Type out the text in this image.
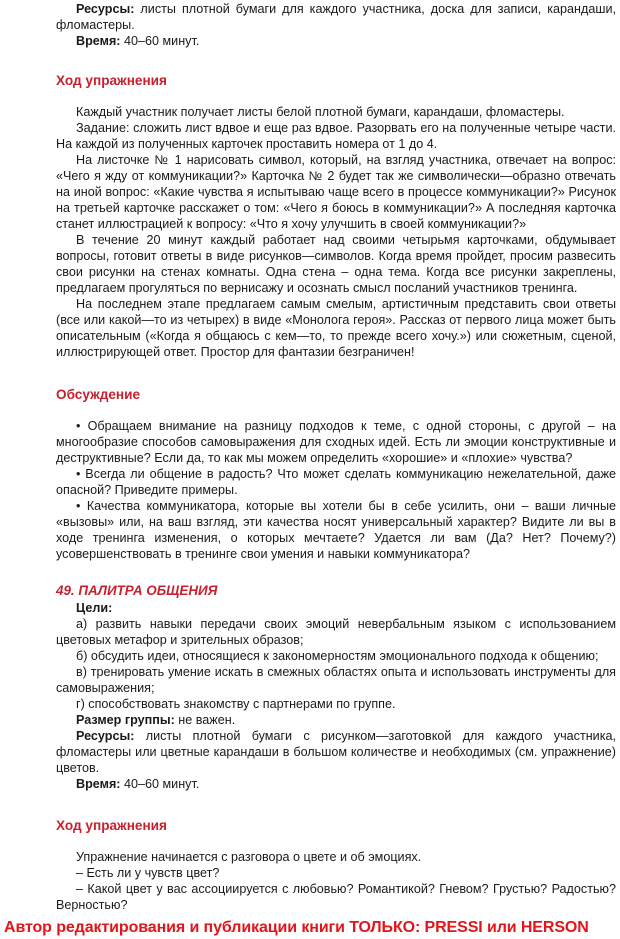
Ресурсы: листы плотной бумаги для каждого участника, доска для записи, карандаши, фломастеры.

Время: 40–60 минут.

Ход упражнения

Каждый участник получает листы белой плотной бумаги, карандаши, фломастеры.

Задание: сложить лист вдвое и еще раз вдвое. Разорвать его на полученные четыре части. На каждой из полученных карточек проставить номера от 1 до 4.

На листочке № 1 нарисовать символ, который, на взгляд участника, отвечает на вопрос: «Чего я жду от коммуникации?» Карточка № 2 будет так же символически—образно отвечать на иной вопрос: «Какие чувства я испытываю чаще всего в процессе коммуникации?» Рисунок на третьей карточке расскажет о том: «Чего я боюсь в коммуникации?» А последняя карточка станет иллюстрацией к вопросу: «Что я хочу улучшить в своей коммуникации?»

В течение 20 минут каждый работает над своими четырьмя карточками, обдумывает вопросы, готовит ответы в виде рисунков—символов. Когда время пройдет, просим развесить свои рисунки на стенах комнаты. Одна стена – одна тема. Когда все рисунки закреплены, предлагаем прогуляться по вернисажу и осознать смысл посланий участников тренинга.

На последнем этапе предлагаем самым смелым, артистичным представить свои ответы (все или какой—то из четырех) в виде «Монолога героя». Рассказ от первого лица может быть описательным («Когда я общаюсь с кем—то, то прежде всего хочу.») или сюжетным, сценой, иллюстрирующей ответ. Простор для фантазии безграничен!

Обсуждение

• Обращаем внимание на разницу подходов к теме, с одной стороны, с другой – на многообразие способов самовыражения для сходных идей. Есть ли эмоции конструктивные и деструктивные? Если да, то как мы можем определить «хорошие» и «плохие» чувства?

• Всегда ли общение в радость? Что может сделать коммуникацию нежелательной, даже опасной? Приведите примеры.

• Качества коммуникатора, которые вы хотели бы в себе усилить, они – ваши личные «вызовы» или, на ваш взгляд, эти качества носят универсальный характер? Видите ли вы в ходе тренинга изменения, о которых мечтаете? Удается ли вам (Да? Нет? Почему?) усовершенствовать в тренинге свои умения и навыки коммуникатора?

49. ПАЛИТРА ОБЩЕНИЯ

Цели:

а) развить навыки передачи своих эмоций невербальным языком с использованием цветовых метафор и зрительных образов;

б) обсудить идеи, относящиеся к закономерностям эмоционального подхода к общению;

в) тренировать умение искать в смежных областях опыта и использовать инструменты для самовыражения;

г) способствовать знакомству с партнерами по группе.

Размер группы: не важен.

Ресурсы: листы плотной бумаги с рисунком—заготовкой для каждого участника, фломастеры или цветные карандаши в большом количестве и необходимых (см. упражнение) цветов.

Время: 40–60 минут.

Ход упражнения

Упражнение начинается с разговора о цвете и об эмоциях.

– Есть ли у чувств цвет?

– Какой цвет у вас ассоциируется с любовью? Романтикой? Гневом? Грустью? Радостью? Верностью?

Автор редактирования и публикации книги ТОЛЬКО: PRESSI или HERSON
